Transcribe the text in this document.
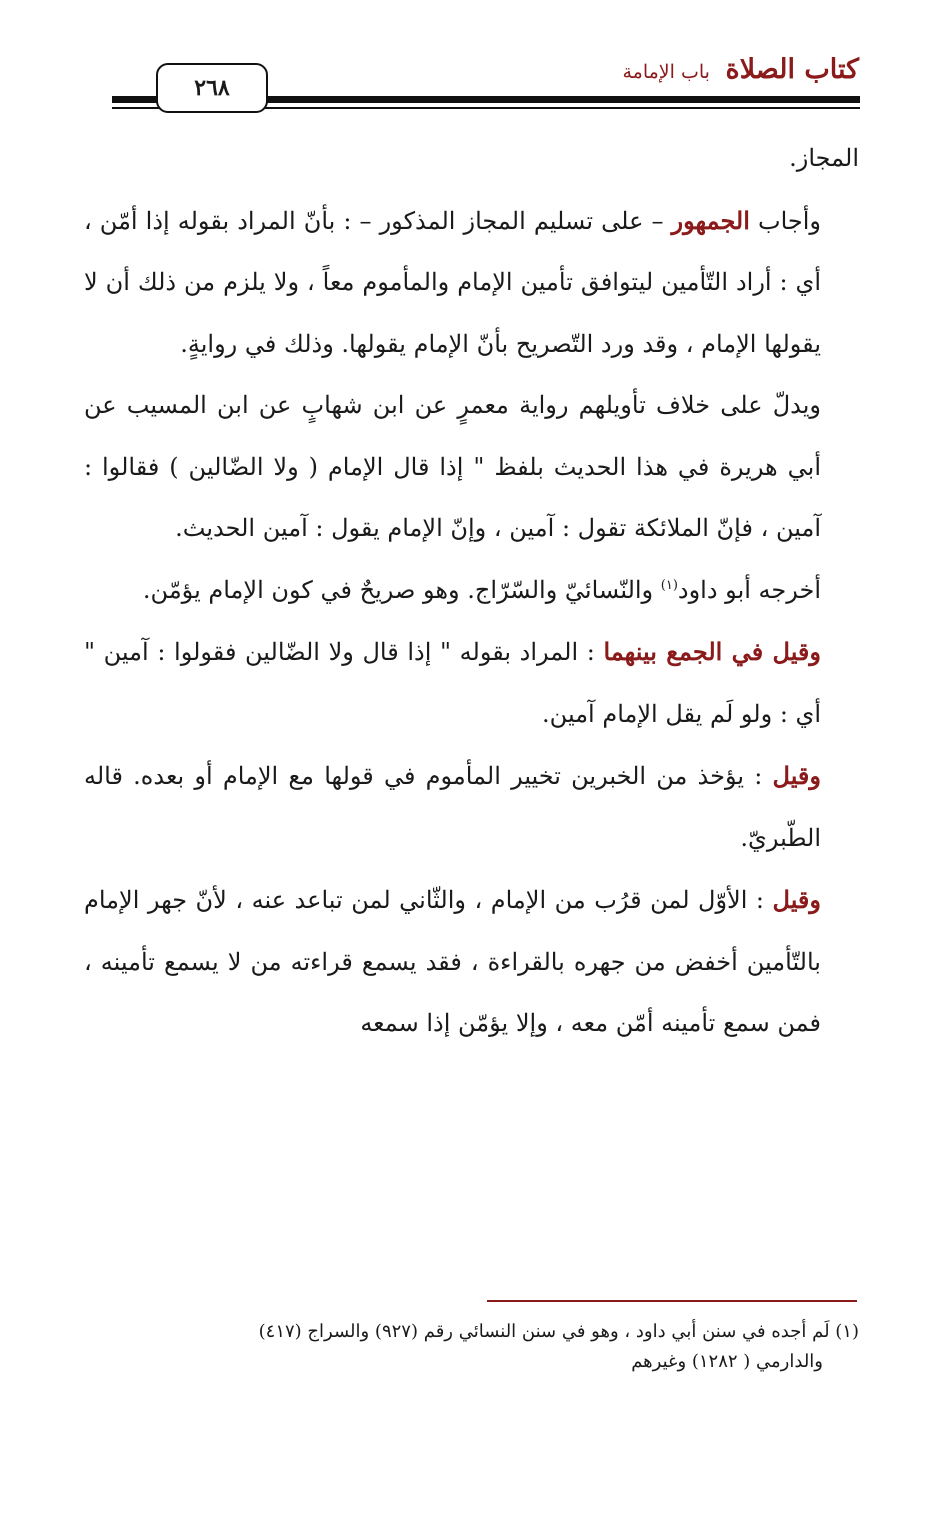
كتاب الصلاة باب الإمامة
٢٦٨

المجاز.

وأجاب الجمهور – على تسليم المجاز المذكور – : بأنّ المراد بقوله إذا أمّن ، أي : أراد التّأمين ليتوافق تأمين الإمام والمأموم معاً ، ولا يلزم من ذلك أن لا يقولها الإمام ، وقد ورد التّصريح بأنّ الإمام يقولها. وذلك في روايةٍ.

ويدلّ على خلاف تأويلهم رواية معمرٍ عن ابن شهابٍ عن ابن المسيب عن أبي هريرة في هذا الحديث بلفظ " إذا قال الإمام ( ولا الضّالين ) فقالوا : آمين ، فإنّ الملائكة تقول : آمين ، وإنّ الإمام يقول : آمين الحديث.

أخرجه أبو داود$^{(١)}$ والنّسائيّ والسّرّاج. وهو صريحٌ في كون الإمام يؤمّن.

وقيل في الجمع بينهما : المراد بقوله " إذا قال ولا الضّالين فقولوا : آمين " أي : ولو لَم يقل الإمام آمين.

وقيل : يؤخذ من الخبرين تخيير المأموم في قولها مع الإمام أو بعده. قاله الطّبريّ.

وقيل : الأوّل لمن قرُب من الإمام ، والثّاني لمن تباعد عنه ، لأنّ جهر الإمام بالتّأمين أخفض من جهره بالقراءة ، فقد يسمع قراءته من لا يسمع تأمينه ، فمن سمع تأمينه أمّن معه ، وإلا يؤمّن إذا سمعه

(١) لَم أجده في سنن أبي داود ، وهو في سنن النسائي رقم (٩٢٧) والسراج (٤١٧)

والدارمي ( ١٢٨٢) وغيرهم
